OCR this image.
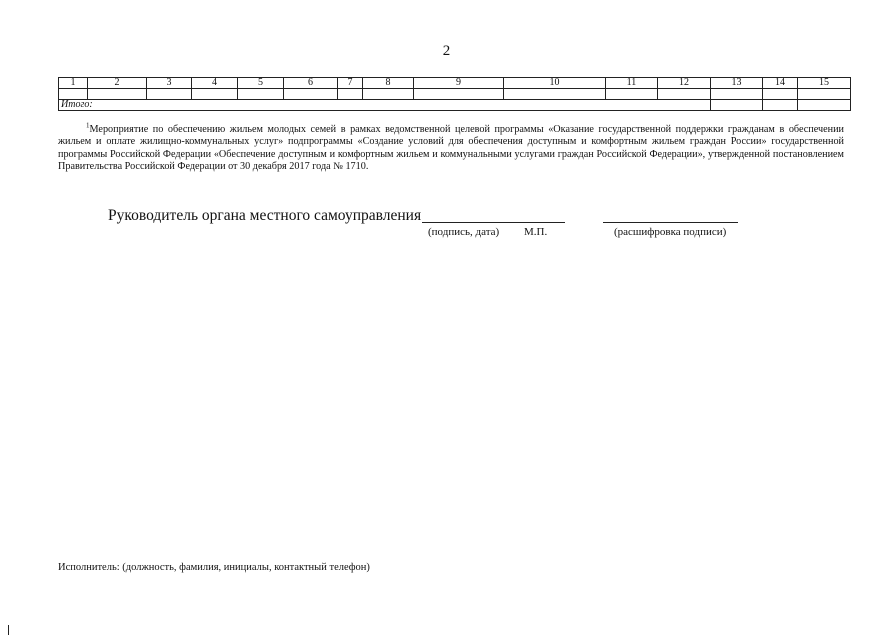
2
1	2	3	4	5	6	7	8	9	10	11	12	13	14	15

Итого:														
$^1$Мероприятие по обеспечению жильем молодых семей в рамках ведомственной целевой программы «Оказание государственной поддержки гражданам в обеспечении жильем и оплате жилищно-коммунальных услуг» подпрограммы «Создание условий для обеспечения доступным и комфортным жильем граждан России» государственной программы Российской Федерации «Обеспечение доступным и комфортным жильем и коммунальными услугами граждан Российской Федерации», утвержденной постановлением Правительства Российской Федерации от 30 декабря 2017 года № 1710.
Руководитель органа местного самоуправления
(подпись, дата) М.П.	(расшифровка подписи)
Исполнитель: (должность, фамилия, инициалы, контактный телефон)
